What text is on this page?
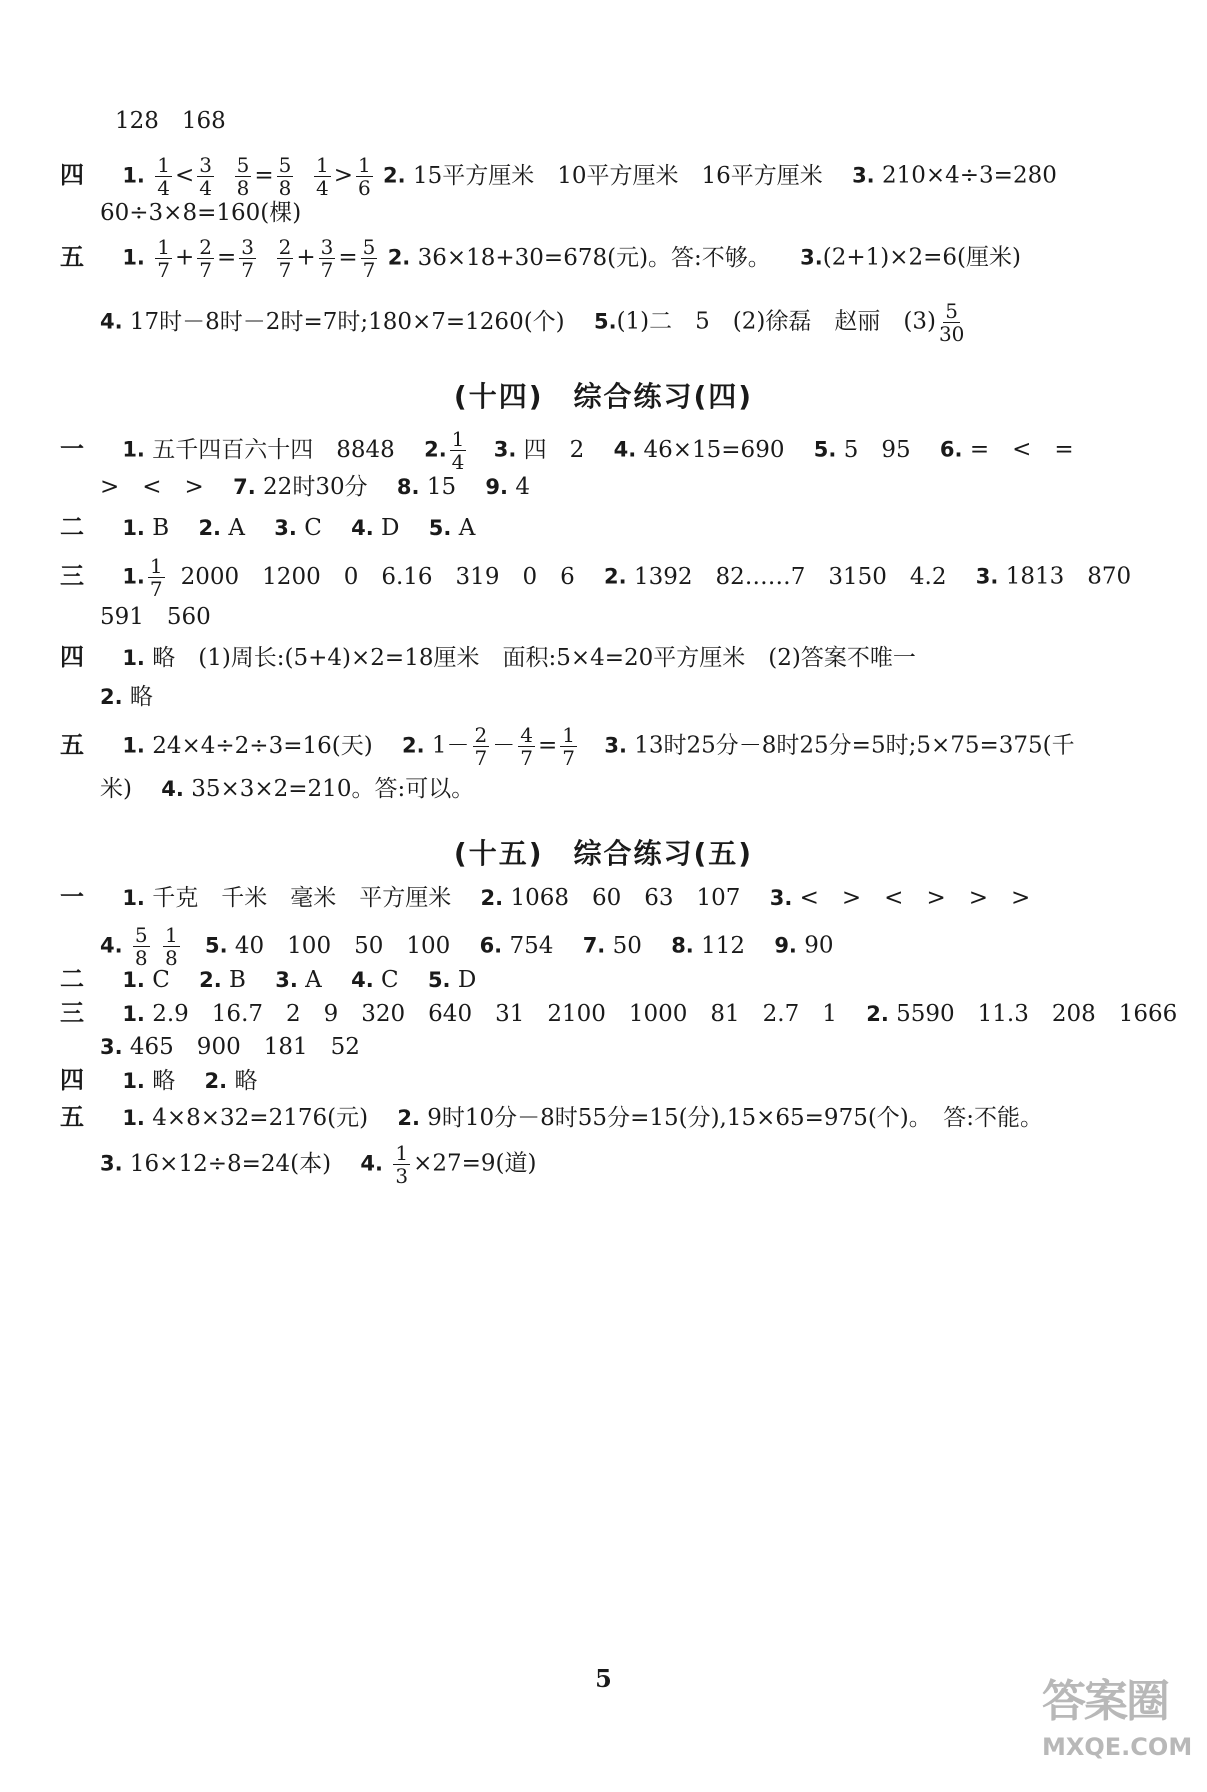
128　168
四 1. $\frac{1}{4} < \frac{3}{4}$
$\frac{5}{8} = \frac{5}{8}$
$\frac{1}{4} > \frac{1}{6} 2$. 15平方厘米　10平方厘米　16平方厘米 3. 210×4÷3=280
60÷3×8=160(棵)
五 1. $\frac{1}{7} + \frac{2}{7} = \frac{3}{7}$
$\frac{2}{7} + \frac{3}{7} = \frac{5}{7} 2$. 36×18+30=678(元)。答:不够。 3.(2+1)×2=6(厘米)
4. 17时－8时－2时=7时;180×7=1260(个) 5.(1)二　5　(2)徐磊　赵丽　$(3) \frac{5}{30}$
(十四)　综合练习(四)
一 1. 五千四百六十四　8848 2. $\frac{1}{4} 3$. 四　2 4. 46×15=690 5. 5　95 6. =　<　=
>　<　> 7. 22时30分 8. 15 9. 4
二 1. B 2. A 3. C 4. D 5. A
三 1. $\frac{1}{7} 2000$　1200　0　6.16　319　0　6 2. 1392　82……7　3150　4.2 3. 1813　870
591　560
四 1. 略　(1)周长:(5+4)×2=18厘米　面积:5×4=20平方厘米　(2)答案不唯一
2. 略
五 1. 24×4÷2÷3=16(天) 2. $1- \frac{2}{7} - \frac{4}{7} = \frac{1}{7} 3$. 13时25分－8时25分=5时;5×75=375(千
米) 4. 35×3×2=210。答:可以。
(十五)　综合练习(五)
一 1. 千克　千米　毫米　平方厘米 2. 1068　60　63　107 3. <　>　<　>　>　>
4. $\frac{5}{8}$
$\frac{1}{8} 5$. 40　100　50　100 6. 754 7. 50 8. 112 9. 90
二 1. C 2. B 3. A 4. C 5. D
三 1. 2.9　16.7　2　9　320　640　31　2100　1000　81　2.7　1 2. 5590　11.3　208　1666
3. 465　900　181　52
四 1. 略 2. 略
五 1. 4×8×32=2176(元) 2. 9时10分－8时55分=15(分),15×65=975(个)。　答:不能。
3. 16×12÷8=24(本) 4. $\frac{1}{3} \times 27=9$(道)
5	答案圈
MXQE.COM
